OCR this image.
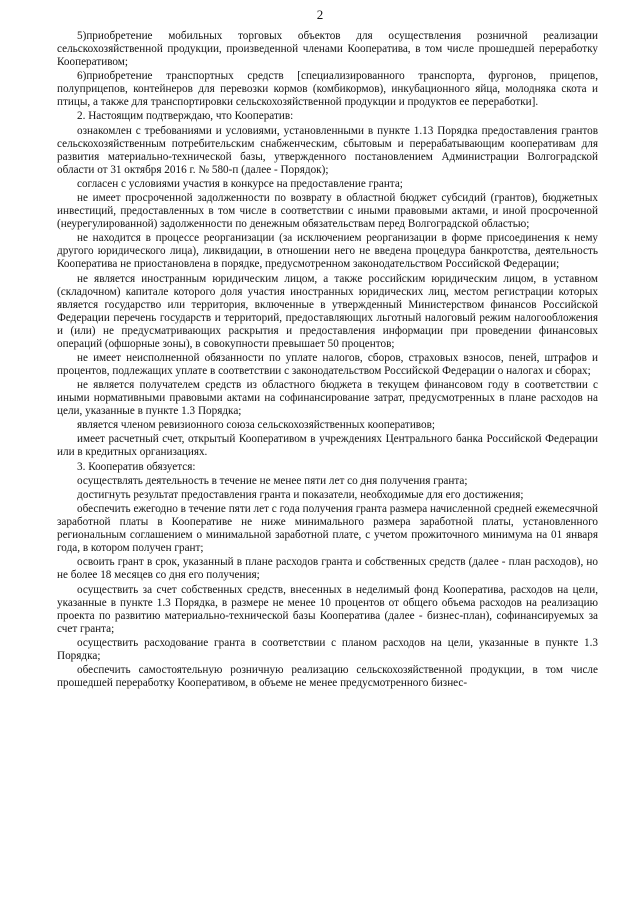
2

5)приобретение мобильных торговых объектов для осуществления розничной реализации сельскохозяйственной продукции, произведенной членами Кооператива, в том числе прошедшей переработку Кооперативом;

6)приобретение транспортных средств [специализированного транспорта, фургонов, прицепов, полуприцепов, контейнеров для перевозки кормов (комбикормов), инкубационного яйца, молодняка скота и птицы, а также для транспортировки сельскохозяйственной продукции и продуктов ее переработки].

2. Настоящим подтверждаю, что Кооператив:

ознакомлен с требованиями и условиями, установленными в пункте 1.13 Порядка предоставления грантов сельскохозяйственным потребительским снабженческим, сбытовым и перерабатывающим кооперативам для развития материально-технической базы, утвержденного постановлением Администрации Волгоградской области от 31 октября 2016 г. № 580-п (далее - Порядок);

согласен с условиями участия в конкурсе на предоставление гранта;

не имеет просроченной задолженности по возврату в областной бюджет субсидий (грантов), бюджетных инвестиций, предоставленных в том числе в соответствии с иными правовыми актами, и иной просроченной (неурегулированной) задолженности по денежным обязательствам перед Волгоградской областью;

не находится в процессе реорганизации (за исключением реорганизации в форме присоединения к нему другого юридического лица), ликвидации, в отношении него не введена процедура банкротства, деятельность Кооператива не приостановлена в порядке, предусмотренном законодательством Российской Федерации;

не является иностранным юридическим лицом, а также российским юридическим лицом, в уставном (складочном) капитале которого доля участия иностранных юридических лиц, местом регистрации которых является государство или территория, включенные в утвержденный Министерством финансов Российской Федерации перечень государств и территорий, предоставляющих льготный налоговый режим налогообложения и (или) не предусматривающих раскрытия и предоставления информации при проведении финансовых операций (офшорные зоны), в совокупности превышает 50 процентов;

не имеет неисполненной обязанности по уплате налогов, сборов, страховых взносов, пеней, штрафов и процентов, подлежащих уплате в соответствии с законодательством Российской Федерации о налогах и сборах;

не является получателем средств из областного бюджета в текущем финансовом году в соответствии с иными нормативными правовыми актами на софинансирование затрат, предусмотренных в плане расходов на цели, указанные в пункте 1.3 Порядка;

является членом ревизионного союза сельскохозяйственных кооперативов;

имеет расчетный счет, открытый Кооперативом в учреждениях Центрального банка Российской Федерации или в кредитных организациях.

3. Кооператив обязуется:

осуществлять деятельность в течение не менее пяти лет со дня получения гранта;

достигнуть результат предоставления гранта и показатели, необходимые для его достижения;

обеспечить ежегодно в течение пяти лет с года получения гранта размера начисленной средней ежемесячной заработной платы в Кооперативе не ниже минимального размера заработной платы, установленного региональным соглашением о минимальной заработной плате, с учетом прожиточного минимума на 01 января года, в котором получен грант;

освоить грант в срок, указанный в плане расходов гранта и собственных средств (далее - план расходов), но не более 18 месяцев со дня его получения;

осуществить за счет собственных средств, внесенных в неделимый фонд Кооператива, расходов на цели, указанные в пункте 1.3 Порядка, в размере не менее 10 процентов от общего объема расходов на реализацию проекта по развитию материально-технической базы Кооператива (далее - бизнес-план), софинансируемых за счет гранта;

осуществить расходование гранта в соответствии с планом расходов на цели, указанные в пункте 1.3 Порядка;

обеспечить самостоятельную розничную реализацию сельскохозяйственной продукции, в том числе прошедшей переработку Кооперативом, в объеме не менее предусмотренного бизнес-
